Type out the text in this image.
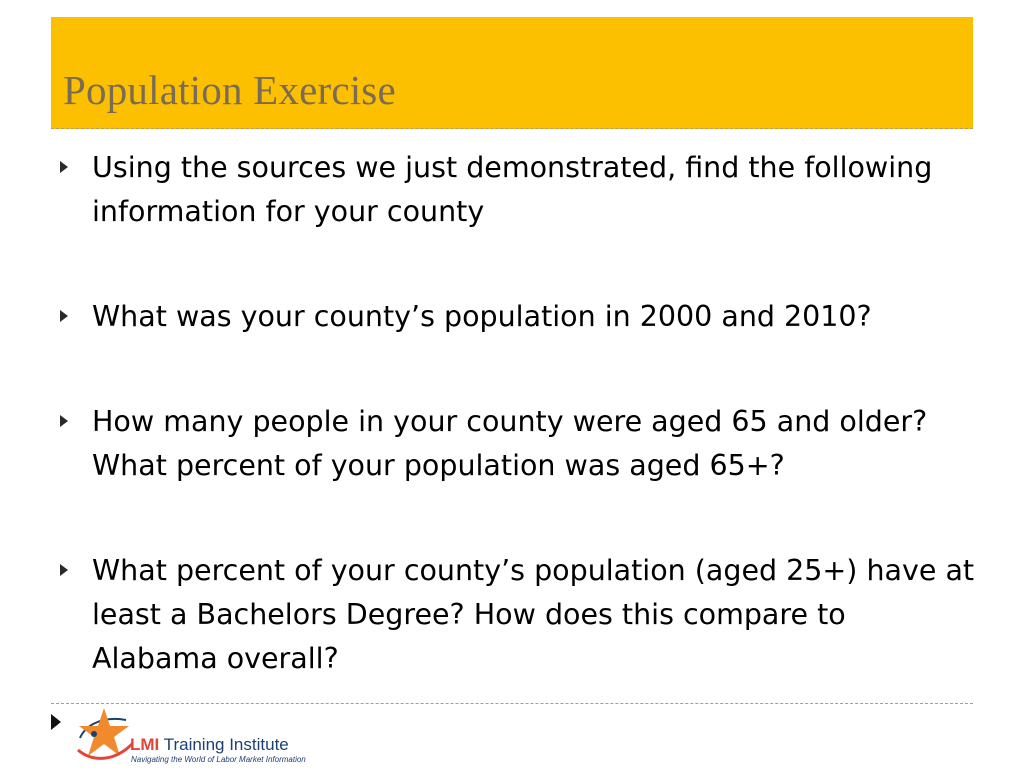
Population Exercise
Using the sources we just demonstrated, find the following information for your county
What was your county’s population in 2000 and 2010?
How many people in your county were aged 65 and older? What percent of your population was aged 65+?
What percent of your county’s population (aged 25+) have at least a Bachelors Degree? How does this compare to Alabama overall?
LMI Training Institute
Navigating the World of Labor Market Information
